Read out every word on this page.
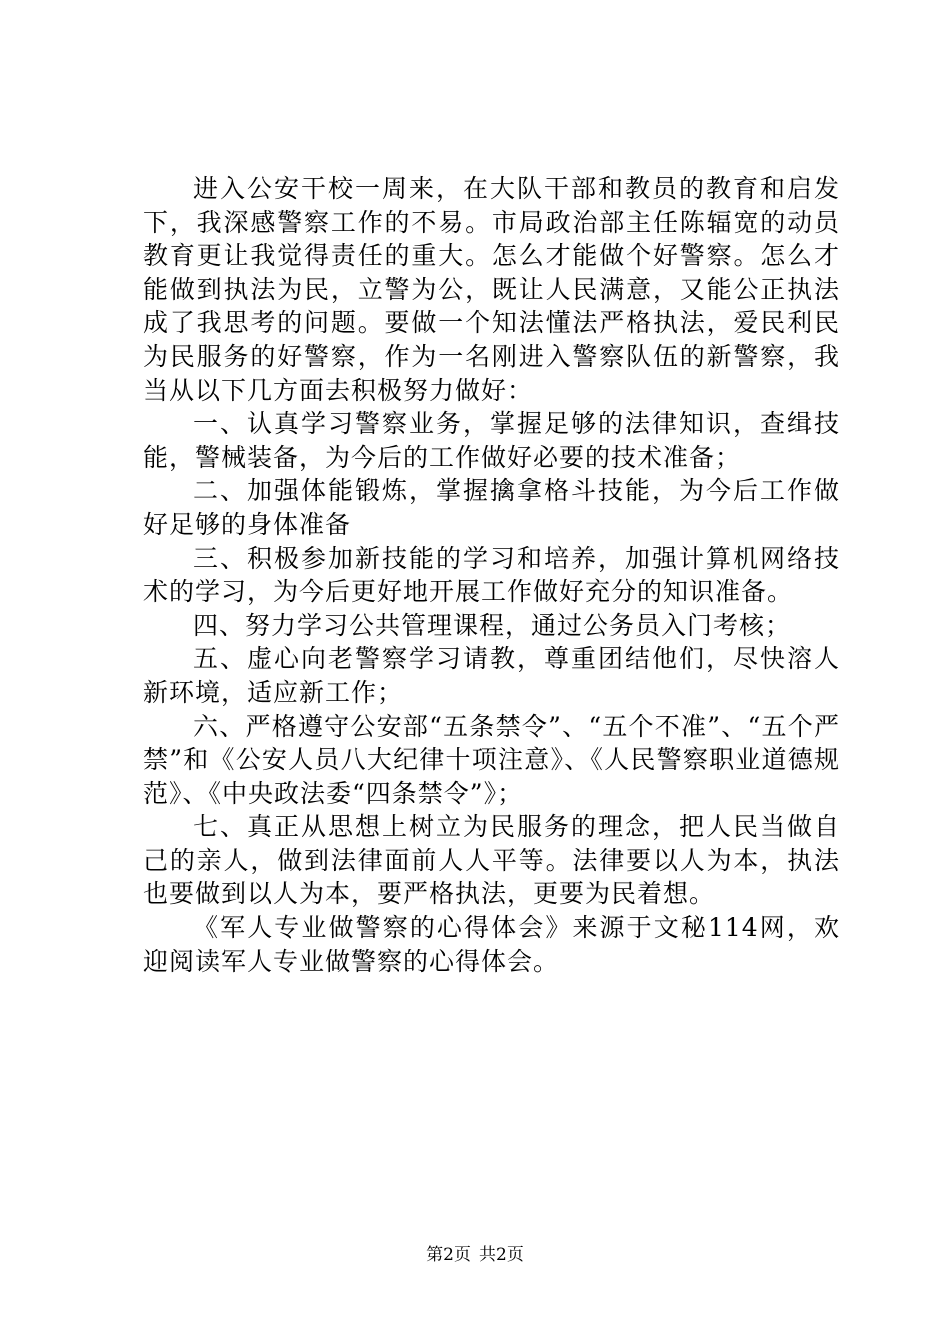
进入公安干校一周来，在大队干部和教员的教育和启发下，我深感警察工作的不易。市局政治部主任陈辐宽的动员教育更让我觉得责任的重大。怎么才能做个好警察。怎么才能做到执法为民，立警为公，既让人民满意，又能公正执法成了我思考的问题。要做一个知法懂法严格执法，爱民利民为民服务的好警察，作为一名刚进入警察队伍的新警察，我当从以下几方面去积极努力做好：

一、认真学习警察业务，掌握足够的法律知识，查缉技能，警械装备，为今后的工作做好必要的技术准备；

二、加强体能锻炼，掌握擒拿格斗技能，为今后工作做好足够的身体准备

三、积极参加新技能的学习和培养，加强计算机网络技术的学习，为今后更好地开展工作做好充分的知识准备。

四、努力学习公共管理课程，通过公务员入门考核；

五、虚心向老警察学习请教，尊重团结他们，尽快溶人新环境，适应新工作；

六、严格遵守公安部“五条禁令”、“五个不准”、“五个严禁”和《公安人员八大纪律十项注意》、《人民警察职业道德规范》、《中央政法委“四条禁令”》；

七、真正从思想上树立为民服务的理念，把人民当做自己的亲人，做到法律面前人人平等。法律要以人为本，执法也要做到以人为本，要严格执法，更要为民着想。

《军人专业做警察的心得体会》来源于文秘114网，欢迎阅读军人专业做警察的心得体会。

第2页 共2页
